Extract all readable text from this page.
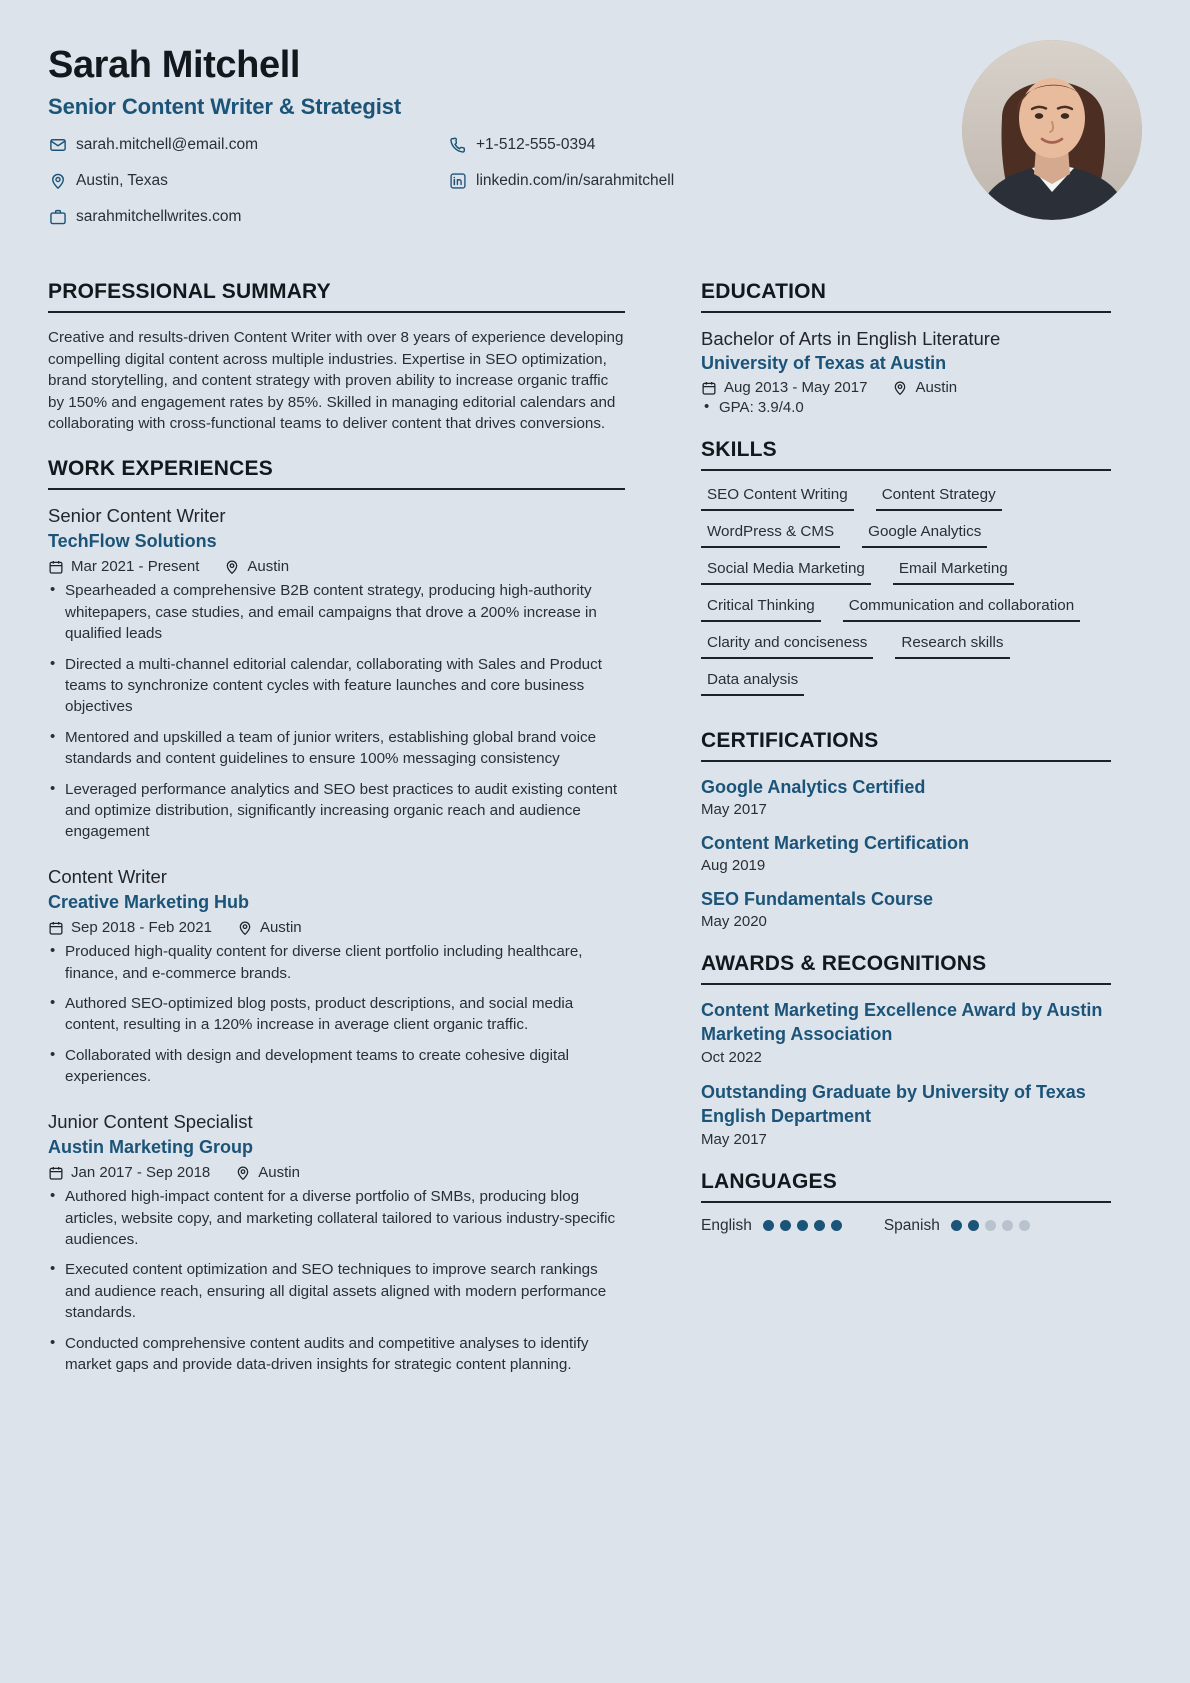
Sarah Mitchell
Senior Content Writer & Strategist
sarah.mitchell@email.com	+1-512-555-0394
Austin, Texas	linkedin.com/in/sarahmitchell
sarahmitchellwrites.com
PROFESSIONAL SUMMARY
Creative and results-driven Content Writer with over 8 years of experience developing compelling digital content across multiple industries. Expertise in SEO optimization, brand storytelling, and content strategy with proven ability to increase organic traffic by 150% and engagement rates by 85%. Skilled in managing editorial calendars and collaborating with cross-functional teams to deliver content that drives conversions.
WORK EXPERIENCES
Senior Content Writer
TechFlow Solutions
Mar 2021 - Present	Austin
• Spearheaded a comprehensive B2B content strategy, producing high-authority whitepapers, case studies, and email campaigns that drove a 200% increase in qualified leads
• Directed a multi-channel editorial calendar, collaborating with Sales and Product teams to synchronize content cycles with feature launches and core business objectives
• Mentored and upskilled a team of junior writers, establishing global brand voice standards and content guidelines to ensure 100% messaging consistency
• Leveraged performance analytics and SEO best practices to audit existing content and optimize distribution, significantly increasing organic reach and audience engagement
Content Writer
Creative Marketing Hub
Sep 2018 - Feb 2021	Austin
• Produced high-quality content for diverse client portfolio including healthcare, finance, and e-commerce brands.
• Authored SEO-optimized blog posts, product descriptions, and social media content, resulting in a 120% increase in average client organic traffic.
• Collaborated with design and development teams to create cohesive digital experiences.
Junior Content Specialist
Austin Marketing Group
Jan 2017 - Sep 2018	Austin
• Authored high-impact content for a diverse portfolio of SMBs, producing blog articles, website copy, and marketing collateral tailored to various industry-specific audiences.
• Executed content optimization and SEO techniques to improve search rankings and audience reach, ensuring all digital assets aligned with modern performance standards.
• Conducted comprehensive content audits and competitive analyses to identify market gaps and provide data-driven insights for strategic content planning.
EDUCATION
Bachelor of Arts in English Literature
University of Texas at Austin
Aug 2013 - May 2017	Austin
• GPA: 3.9/4.0
SKILLS
SEO Content Writing	Content Strategy
WordPress & CMS	Google Analytics
Social Media Marketing	Email Marketing
Critical Thinking	Communication and collaboration
Clarity and conciseness	Research skills
Data analysis
CERTIFICATIONS
Google Analytics Certified
May 2017
Content Marketing Certification
Aug 2019
SEO Fundamentals Course
May 2020
AWARDS & RECOGNITIONS
Content Marketing Excellence Award by Austin Marketing Association
Oct 2022
Outstanding Graduate by University of Texas English Department
May 2017
LANGUAGES
English	Spanish
